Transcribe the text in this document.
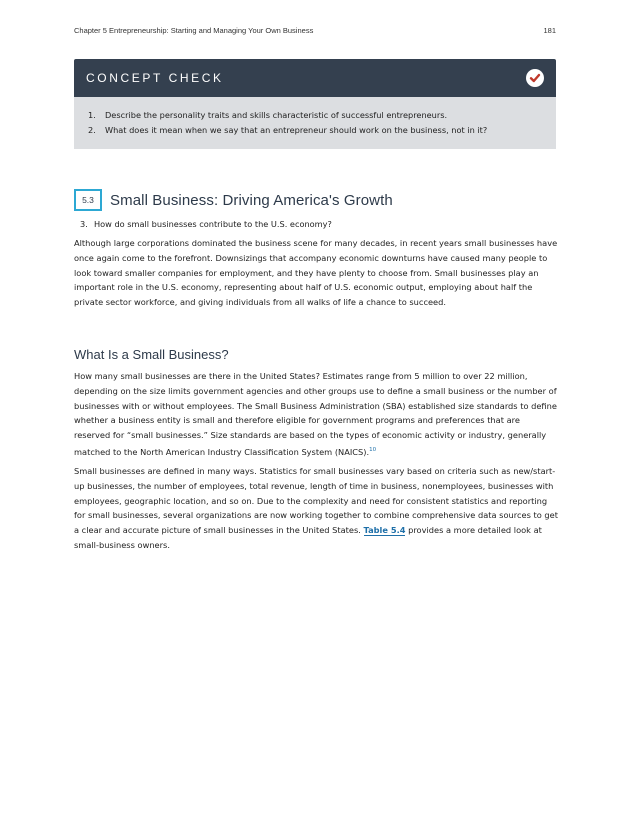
Chapter 5 Entrepreneurship: Starting and Managing Your Own Business	181
CONCEPT CHECK
1.	Describe the personality traits and skills characteristic of successful entrepreneurs.
2.	What does it mean when we say that an entrepreneur should work on the business, not in it?
5.3	Small Business: Driving America's Growth
3. How do small businesses contribute to the U.S. economy?

Although large corporations dominated the business scene for many decades, in recent years small businesses have once again come to the forefront. Downsizings that accompany economic downturns have caused many people to look toward smaller companies for employment, and they have plenty to choose from. Small businesses play an important role in the U.S. economy, representing about half of U.S. economic output, employing about half the private sector workforce, and giving individuals from all walks of life a chance to succeed.

What Is a Small Business?

How many small businesses are there in the United States? Estimates range from 5 million to over 22 million, depending on the size limits government agencies and other groups use to define a small business or the number of businesses with or without employees. The Small Business Administration (SBA) established size standards to define whether a business entity is small and therefore eligible for government programs and preferences that are reserved for “small businesses.” Size standards are based on the types of economic activity or industry, generally matched to the North American Industry Classification System (NAICS).$^{10}$

Small businesses are defined in many ways. Statistics for small businesses vary based on criteria such as new/start-up businesses, the number of employees, total revenue, length of time in business, nonemployees, businesses with employees, geographic location, and so on. Due to the complexity and need for consistent statistics and reporting for small businesses, several organizations are now working together to combine comprehensive data sources to get a clear and accurate picture of small businesses in the United States. Table 5.4 provides a more detailed look at small-business owners.
